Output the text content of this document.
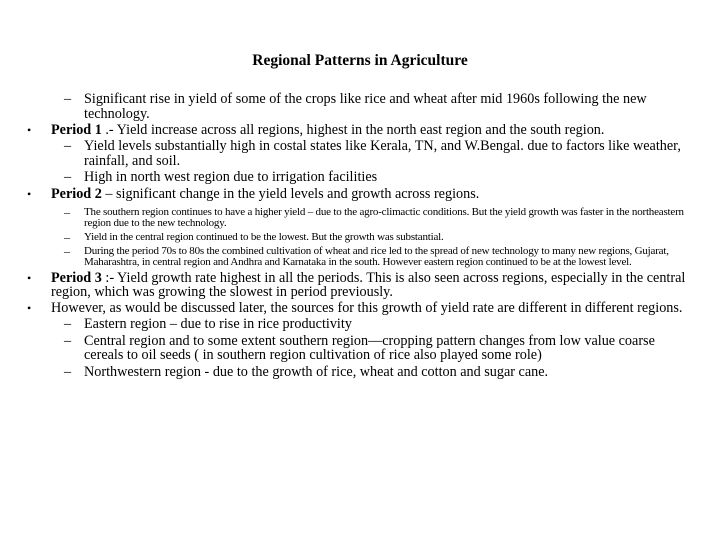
Regional Patterns in Agriculture
– Significant rise in yield of some of the crops like rice and wheat after mid 1960s following the new technology.
• Period 1 .- Yield increase across all regions, highest in the north east region and the south region.
– Yield levels substantially high in costal states like Kerala, TN, and W.Bengal. due to factors like weather, rainfall, and soil.
– High in north west region due to irrigation facilities
• Period 2 – significant change in the yield levels and growth across regions.
– The southern region continues to have a higher yield – due to the agro-climactic conditions. But the yield growth was faster in the northeastern region due to the new technology.
– Yield in the central region continued to be the lowest. But the growth was substantial.
– During the period 70s to 80s the combined cultivation of wheat and rice led to the spread of new technology to many new regions, Gujarat, Maharashtra, in central region and Andhra and Karnataka in the south. However eastern region continued to be at the lowest level.
• Period 3 :- Yield growth rate highest in all the periods. This is also seen across regions, especially in the central region, which was growing the slowest in period previously.
• However, as would be discussed later, the sources for this growth of yield rate are different in different regions.
– Eastern region – due to rise in rice productivity
– Central region and to some extent southern region––cropping pattern changes from low value coarse cereals to oil seeds ( in southern region cultivation of rice also played some role)
– Northwestern region - due to the growth of rice, wheat and cotton and sugar cane.
